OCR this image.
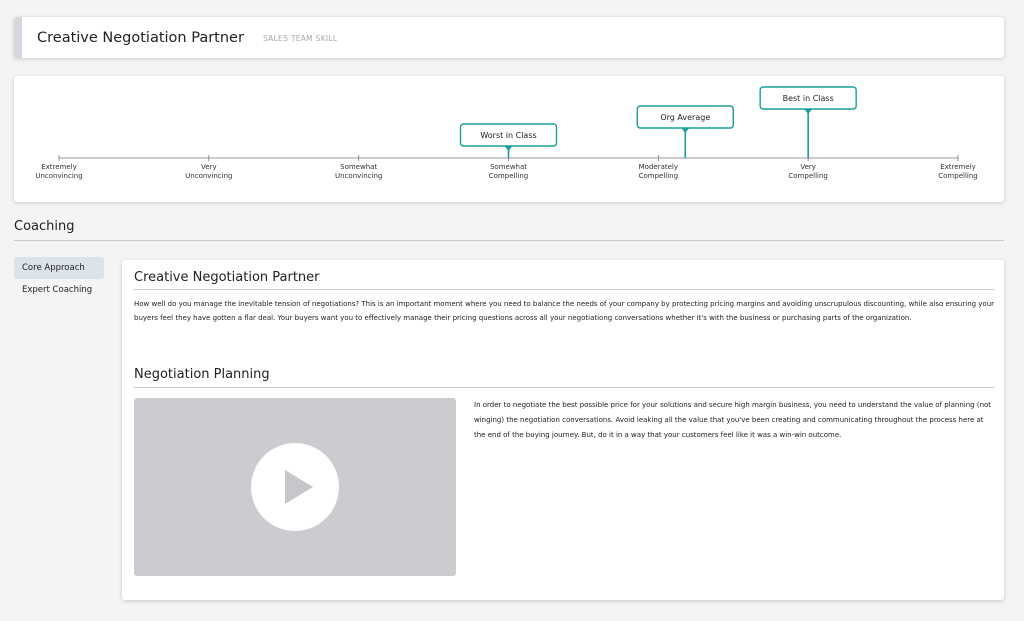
Creative Negotiation Partner	SALES TEAM SKILL
Extremely
Unconvincing
Very
Unconvincing
Somewhat
Unconvincing
Somewhat
Compelling
Moderately
Compelling
Very
Compelling
Extremely
Compelling
Worst in Class
Org Average
Best in Class
Coaching
Core Approach
Expert Coaching
Creative Negotiation Partner

How well do you manage the inevitable tension of negotiations? This is an important moment where you need to balance the needs of your company by protecting pricing margins and avoiding unscrupulous discounting, while also ensuring your buyers feel they have gotten a flar deal. Your buyers want you to effectively manage their pricing questions across all your negotiationg conversations whether it's with the business or purchasing parts of the organization.

Negotiation Planning

In order to negotiate the best possible price for your solutions and secure high margin business, you need to understand the value of planning (not winging) the negotiation conversations. Avoid leaking all the value that you've been creating and communicating throughout the process here at the end of the buying journey. But, do it in a way that your customers feel like it was a win-win outcome.
